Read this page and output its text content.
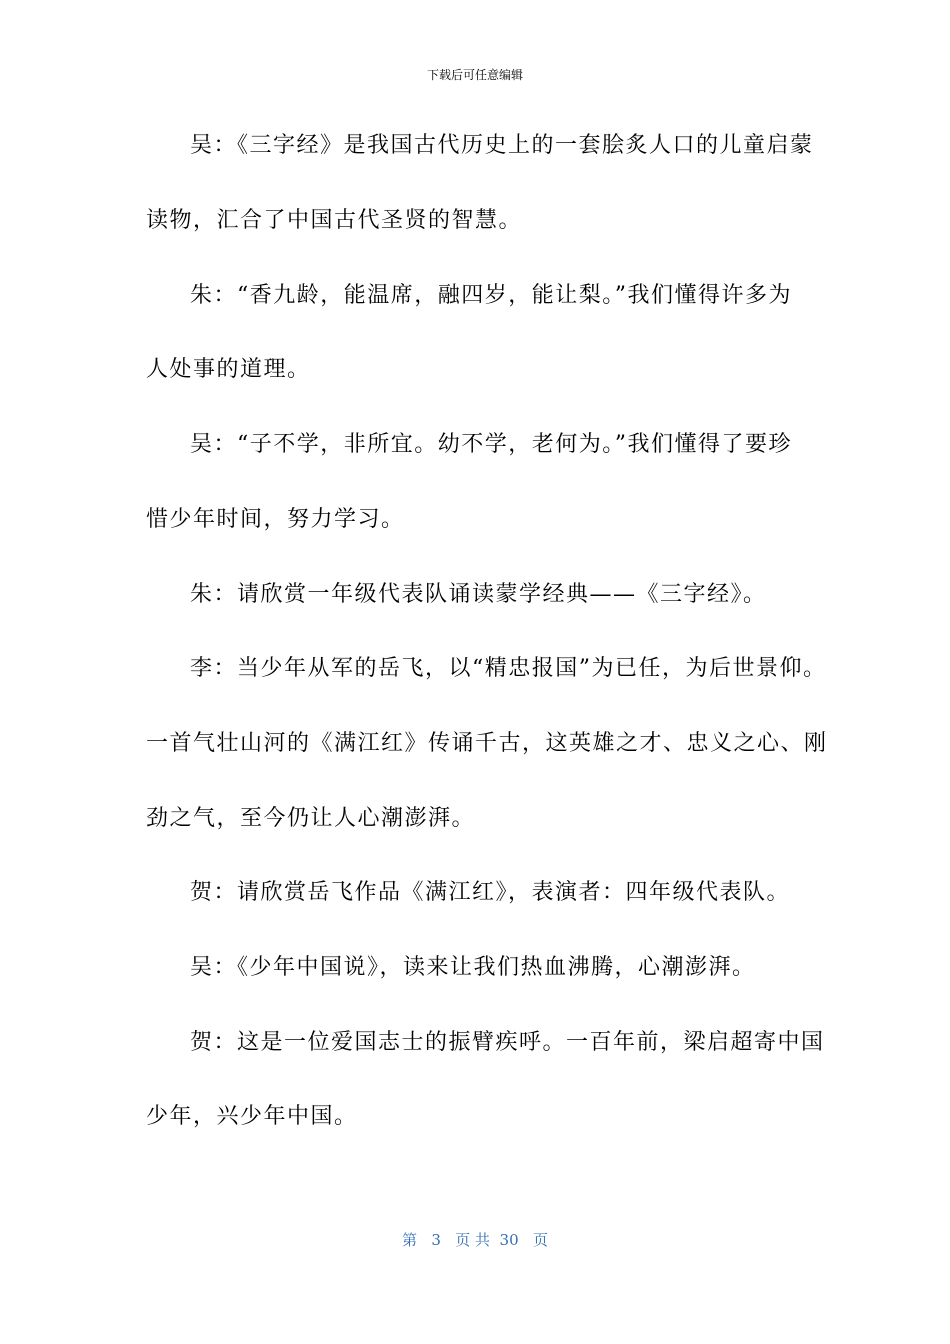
下载后可任意编辑
吴：《三字经》是我国古代历史上的一套脍炙人口的儿童启蒙
读物，汇合了中国古代圣贤的智慧。
朱：“香九龄，能温席，融四岁，能让梨。”我们懂得许多为
人处事的道理。
吴：“子不学，非所宜。幼不学，老何为。”我们懂得了要珍
惜少年时间，努力学习。
朱：请欣赏一年级代表队诵读蒙学经典——《三字经》。
李：当少年从军的岳飞，以“精忠报国”为已任，为后世景仰。
一首气壮山河的《满江红》传诵千古，这英雄之才、忠义之心、刚
劲之气，至今仍让人心潮澎湃。
贺：请欣赏岳飞作品《满江红》，表演者：四年级代表队。
吴：《少年中国说》，读来让我们热血沸腾，心潮澎湃。
贺：这是一位爱国志士的振臂疾呼。一百年前，梁启超寄中国
少年，兴少年中国。
第 3 页 共 30 页
